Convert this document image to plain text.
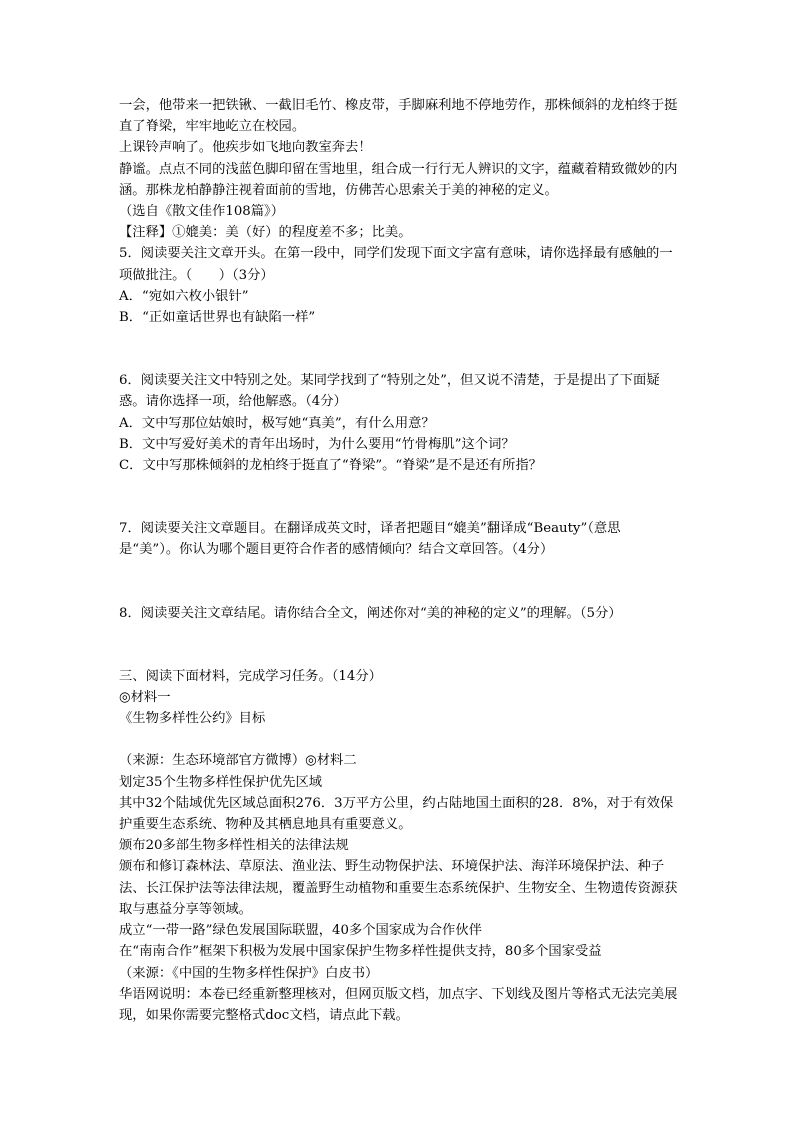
一会，他带来一把铁锹、一截旧毛竹、橡皮带，手脚麻利地不停地劳作，那株倾斜的龙柏终于挺直了脊梁，牢牢地屹立在校园。

上课铃声响了。他疾步如飞地向教室奔去！

静谧。点点不同的浅蓝色脚印留在雪地里，组合成一行行无人辨识的文字，蕴藏着精致微妙的内涵。那株龙柏静静注视着面前的雪地，仿佛苦心思索关于美的神秘的定义。

（选自《散文佳作108篇》）

【注释】①媲美：美（好）的程度差不多；比美。

5．阅读要关注文章开头。在第一段中，同学们发现下面文字富有意味，请你选择最有感触的一项做批注。（　　）（3分）

A．“宛如六枚小银针”

B．“正如童话世界也有缺陷一样”

6．阅读要关注文中特别之处。某同学找到了“特别之处”，但又说不清楚，于是提出了下面疑惑。请你选择一项，给他解惑。（4分）

A．文中写那位姑娘时，极写她“真美”，有什么用意？

B．文中写爱好美术的青年出场时，为什么要用“竹骨梅肌”这个词？

C．文中写那株倾斜的龙柏终于挺直了“脊梁”。“脊梁”是不是还有所指？

7．阅读要关注文章题目。在翻译成英文时，译者把题目“媲美”翻译成“Beauty”（意思是“美”）。你认为哪个题目更符合作者的感情倾向？结合文章回答。（4分）

8．阅读要关注文章结尾。请你结合全文，阐述你对“美的神秘的定义”的理解。（5分）

三、阅读下面材料，完成学习任务。（14分）

◎材料一

《生物多样性公约》目标

（来源：生态环境部官方微博）◎材料二

划定35个生物多样性保护优先区域

其中32个陆域优先区域总面积276．3万平方公里，约占陆地国土面积的28．8%，对于有效保护重要生态系统、物种及其栖息地具有重要意义。

颁布20多部生物多样性相关的法律法规

颁布和修订森林法、草原法、渔业法、野生动物保护法、环境保护法、海洋环境保护法、种子法、长江保护法等法律法规，覆盖野生动植物和重要生态系统保护、生物安全、生物遗传资源获取与惠益分享等领域。

成立“一带一路”绿色发展国际联盟，40多个国家成为合作伙伴

在“南南合作”框架下积极为发展中国家保护生物多样性提供支持，80多个国家受益

（来源：《中国的生物多样性保护》白皮书）

华语网说明：本卷已经重新整理核对，但网页版文档，加点字、下划线及图片等格式无法完美展现，如果你需要完整格式doc文档，请点此下载。
